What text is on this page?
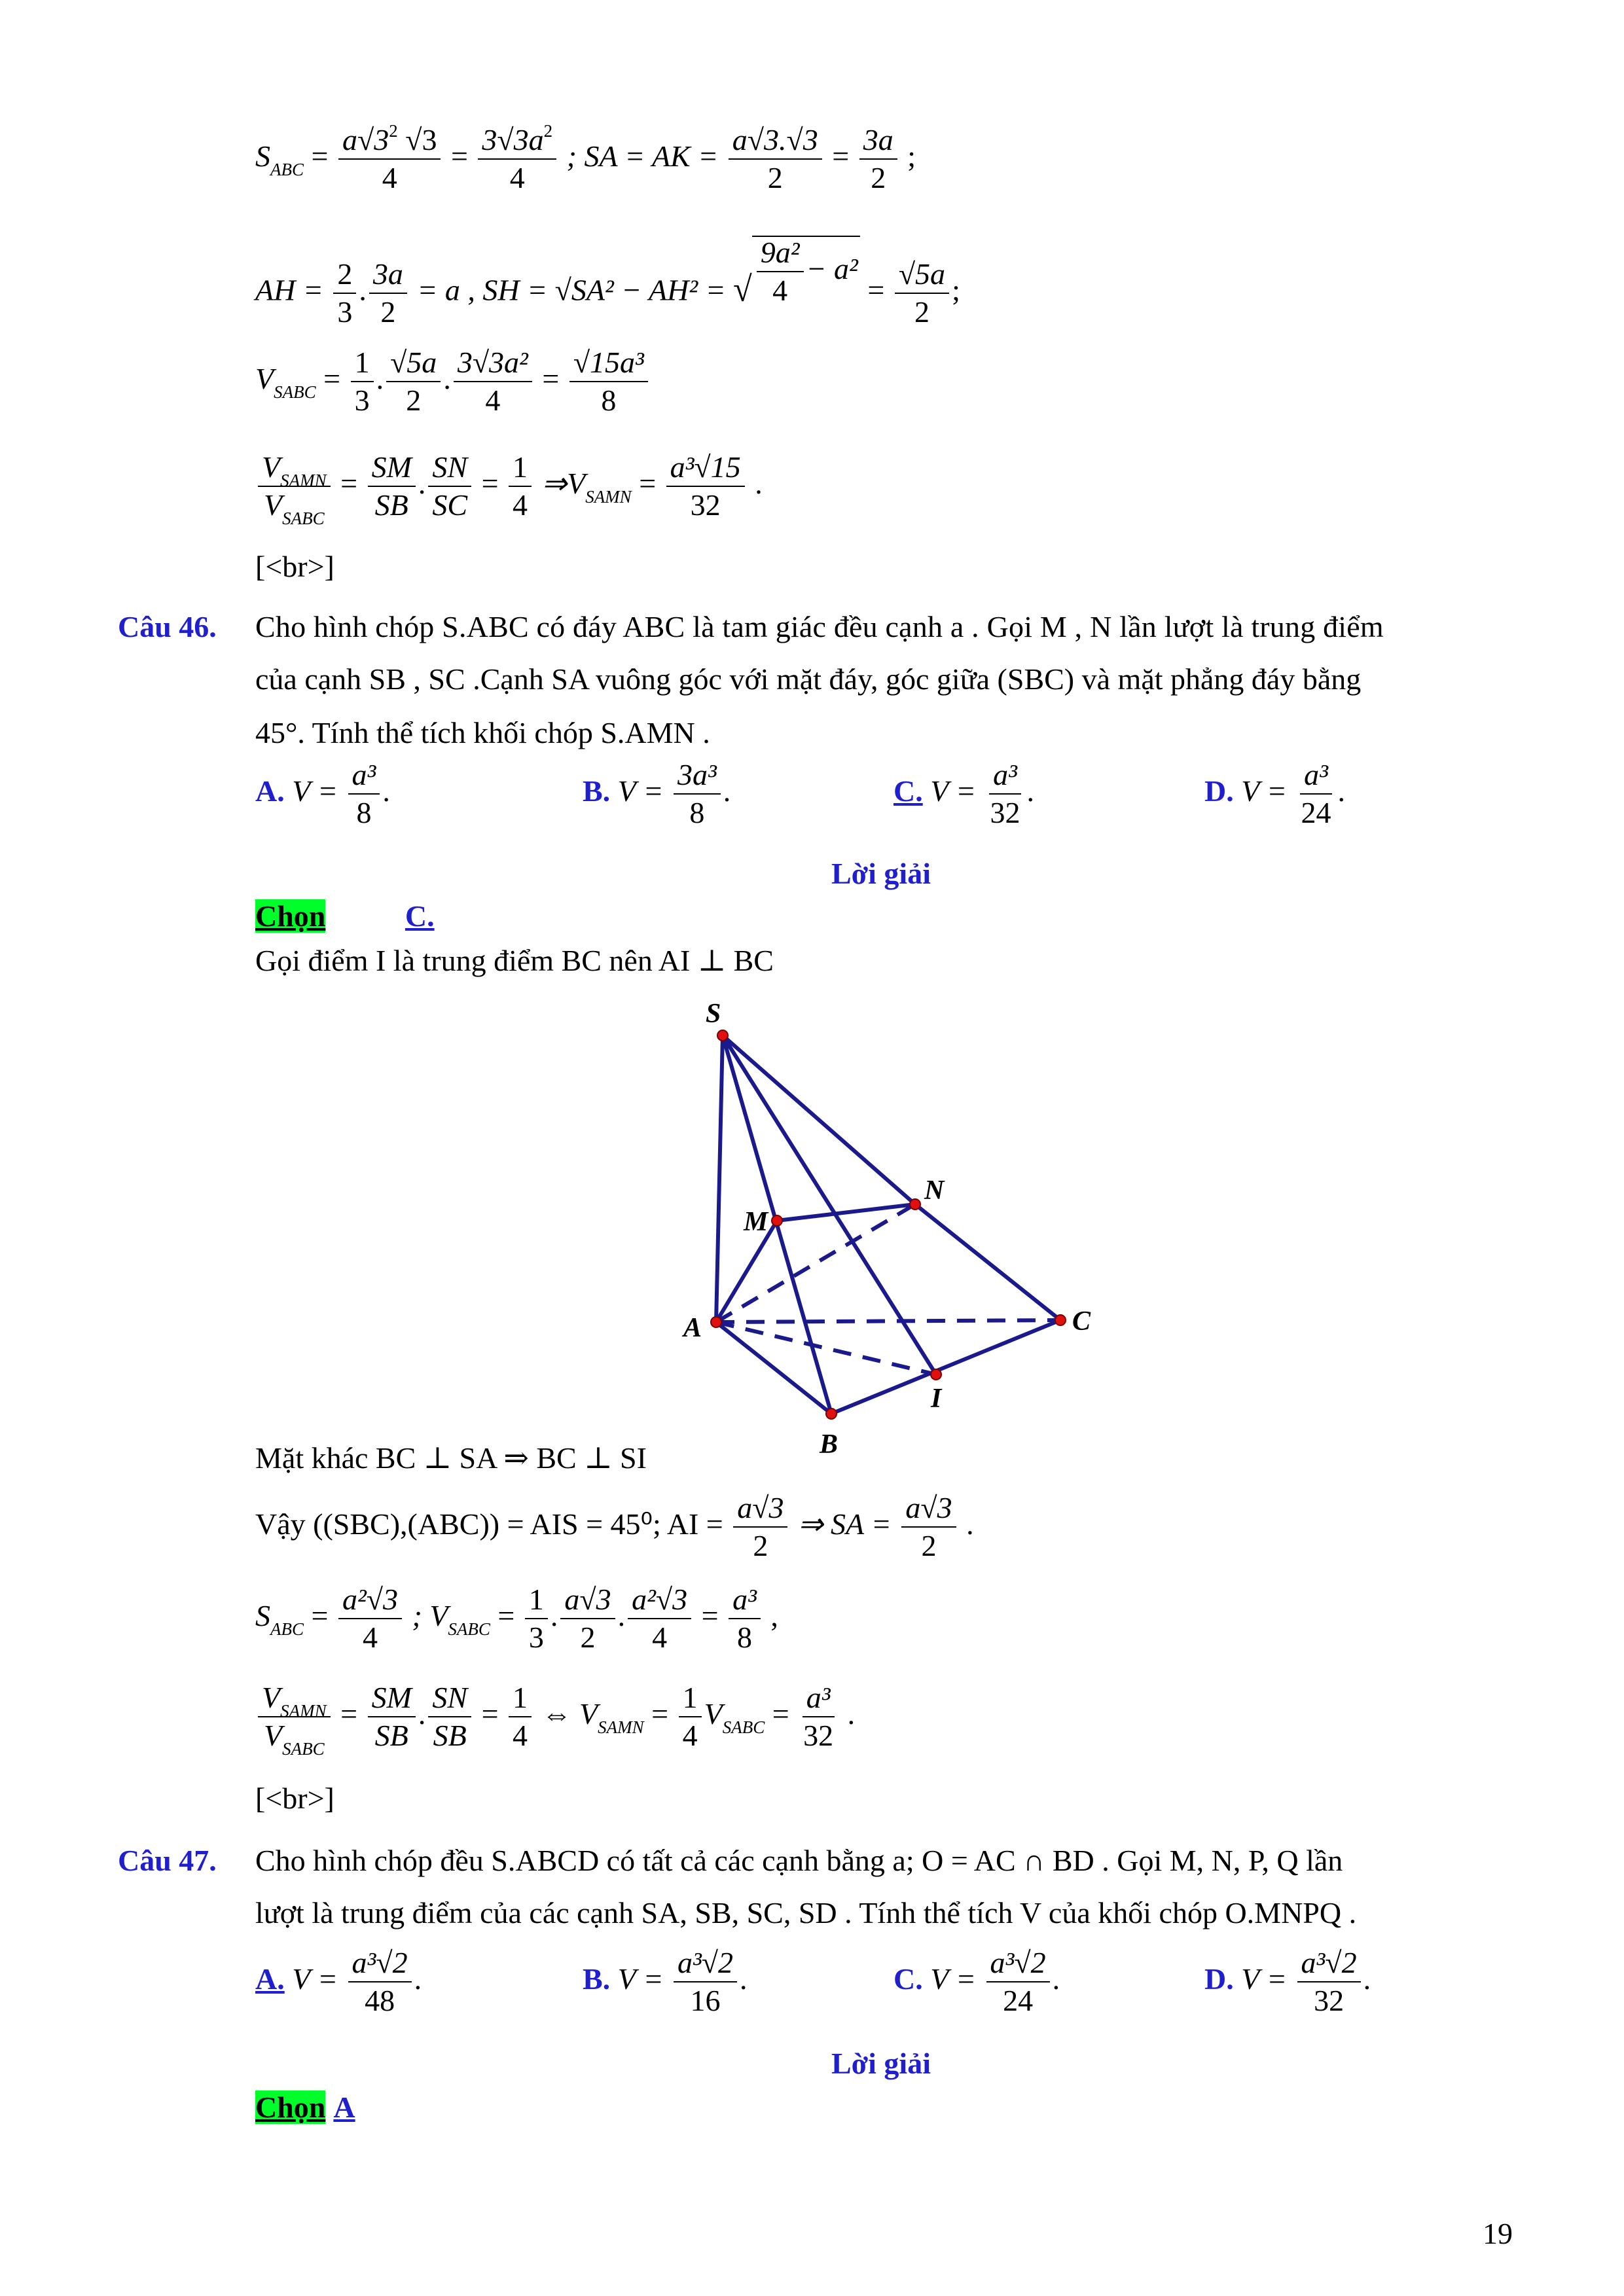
$S_{ABC} = \frac{a√3^2 √3}{4} = \frac{3√3a^2}{4}$ ; SA = AK = $\frac{a√3.√3}{2} = \frac{3a}{2}$ ;
AH = $\frac{2}{3}$ . $\frac{3a}{2} = a$ , SH = √SA² − AH² = √ $\frac{\text{9a²}}{4} - a^2$
= $\frac{√5a}{2}$ ;
$V_{SABC} = \frac{1}{3}$ . $\frac{√5a}{2}$ . $\frac{\text{3√3a²}}{4} = \frac{\text{√15a³}}{8}$
$\frac{V_{SAMN}}{V_{SABC}} = \frac{SM}{SB}$ . $\frac{SN}{SC} = \frac{1}{4}$ $\Rightarrow V_{SAMN} = \frac{\text{a³√15}}{32}$ .
[<br>]
Câu 46. Cho hình chóp S.ABC có đáy ABC là tam giác đều cạnh a . Gọi M , N lần lượt là trung điểm
của cạnh SB , SC .Cạnh SA vuông góc với mặt đáy, góc giữa (SBC) và mặt phẳng đáy bằng
45°. Tính thể tích khối chóp S.AMN .
A. $V = \frac{\text{a³}}{8}$ .	B. $V = \frac{\text{3a³}}{8}$ .	C. $V = \frac{\text{a³}}{32}$ .	D. $V = \frac{\text{a³}}{24}$ .
Lời giải
Chọn	C.
Gọi điểm I là trung điểm BC nên AI ⊥ BC
S
N
M
A	C
I
B
Mặt khác BC ⊥ SA ⇒ BC ⊥ SI
Vậy ((SBC),(ABC)) = AIS = 45⁰; AI = $\frac{a√3}{2}$ ⇒ SA = $\frac{a√3}{2}$ .
$S_{ABC} = \frac{\text{a²√3}}{4}$ ; $V_{SABC} = \frac{1}{3}$ . $\frac{a√3}{2}$ . $\frac{\text{a²√3}}{4} = \frac{\text{a³}}{8}$ ,
$\frac{V_{SAMN}}{V_{SABC}} = \frac{SM}{SB}$ . $\frac{SN}{SB} = \frac{1}{4}$ ⇔ $V_{SAMN} = \frac{1}{4} V_{SABC} = \frac{\text{a³}}{32}$ .
[<br>]
Câu 47. Cho hình chóp đều S.ABCD có tất cả các cạnh bằng a; O = AC ∩ BD . Gọi M, N, P, Q lần
lượt là trung điểm của các cạnh SA, SB, SC, SD . Tính thể tích V của khối chóp O.MNPQ .
A. $V = \frac{\text{a³√2}}{48}$ .	B. $V = \frac{\text{a³√2}}{16}$ .	C. $V = \frac{\text{a³√2}}{24}$ .	D. $V = \frac{\text{a³√2}}{32}$ .
Lời giải
Chọn A
19
